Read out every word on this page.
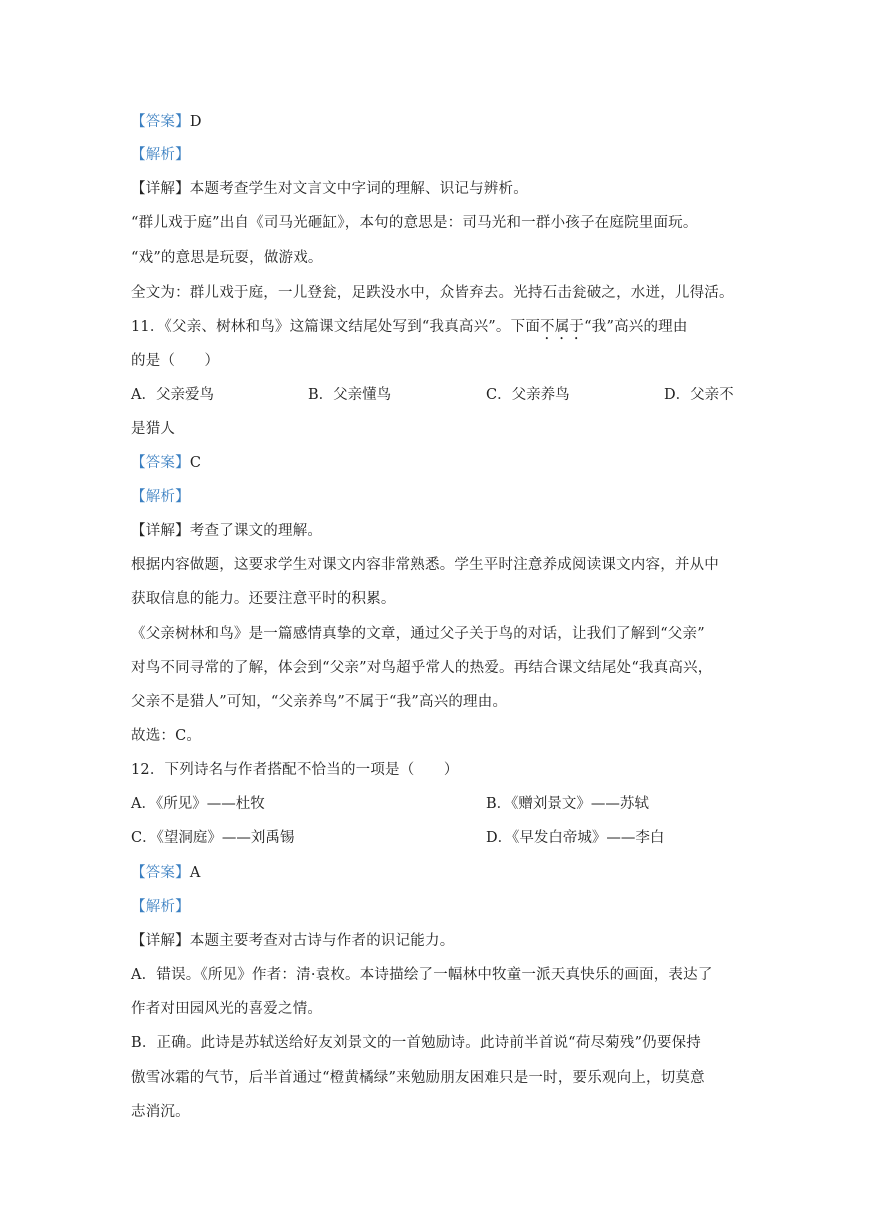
【答案】D
【解析】
【详解】本题考查学生对文言文中字词的理解、识记与辨析。
“群儿戏于庭”出自《司马光砸缸》，本句的意思是：司马光和一群小孩子在庭院里面玩。
“戏”的意思是玩耍，做游戏。
全文为：群儿戏于庭，一儿登瓮，足跌没水中，众皆弃去。光持石击瓮破之，水迸，儿得活。
11．《父亲、树林和鸟》这篇课文结尾处写到“我真高兴”。下面不属于“我”高兴的理由
的是（　　）
A．父亲爱鸟	B．父亲懂鸟	C．父亲养鸟	D．父亲不
是猎人
【答案】C
【解析】
【详解】考查了课文的理解。
根据内容做题，这要求学生对课文内容非常熟悉。学生平时注意养成阅读课文内容，并从中
获取信息的能力。还要注意平时的积累。
《父亲树林和鸟》是一篇感情真挚的文章，通过父子关于鸟的对话，让我们了解到“父亲”
对鸟不同寻常的了解，体会到“父亲”对鸟超乎常人的热爱。再结合课文结尾处“我真高兴，
父亲不是猎人”可知，“父亲养鸟”不属于“我”高兴的理由。
故选：C。
12．下列诗名与作者搭配不恰当的一项是（　　）
A．《所见》——杜牧	B．《赠刘景文》——苏轼
C．《望洞庭》——刘禹锡	D．《早发白帝城》——李白
【答案】A
【解析】
【详解】本题主要考查对古诗与作者的识记能力。
A．错误。《所见》作者：清·袁枚。本诗描绘了一幅林中牧童一派天真快乐的画面，表达了
作者对田园风光的喜爱之情。
B．正确。此诗是苏轼送给好友刘景文的一首勉励诗。此诗前半首说“荷尽菊残”仍要保持
傲雪冰霜的气节，后半首通过“橙黄橘绿”来勉励朋友困难只是一时，要乐观向上，切莫意
志消沉。
